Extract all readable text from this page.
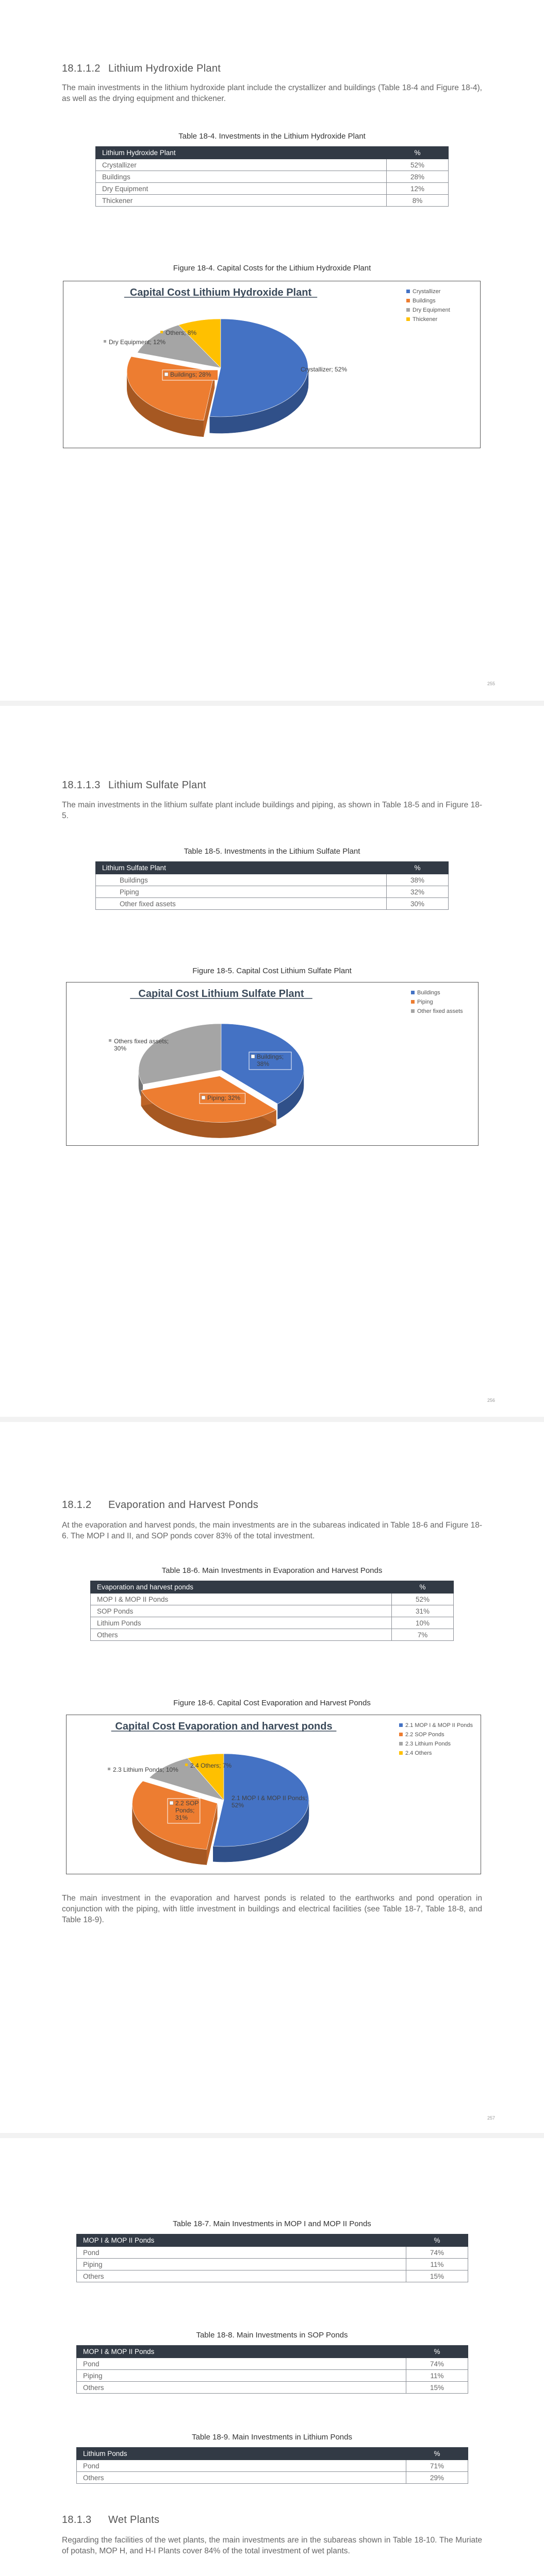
18.1.1.2 Lithium Hydroxide Plant
The main investments in the lithium hydroxide plant include the crystallizer and buildings (Table 18-4 and Figure 18-4), as well as the drying equipment and thickener.
Table 18-4. Investments in the Lithium Hydroxide Plant
Lithium Hydroxide Plant	%
Crystallizer	52%
Buildings	28%
Dry Equipment	12%
Thickener	8%
Figure 18-4. Capital Costs for the Lithium Hydroxide Plant
Capital Cost Lithium Hydroxide Plant
Crystallizer; 52%
Buildings; 28%
Dry Equipment; 12%
Others; 8%
Crystallizer
Buildings
Dry Equipment
Thickener
255
18.1.1.3 Lithium Sulfate Plant
The main investments in the lithium sulfate plant include buildings and piping, as shown in Table 18-5 and in Figure 18-5.
Table 18-5. Investments in the Lithium Sulfate Plant
Lithium Sulfate Plant	%
Buildings	38%
Piping	32%
Other fixed assets	30%
Figure 18-5. Capital Cost Lithium Sulfate Plant
Capital Cost Lithium Sulfate Plant
Buildings;
38%
Piping; 32%
Others fixed assets;
30%
Buildings
Piping
Other fixed assets
256
18.1.2 Evaporation and Harvest Ponds
At the evaporation and harvest ponds, the main investments are in the subareas indicated in Table 18-6 and Figure 18-6. The MOP I and II, and SOP ponds cover 83% of the total investment.
Table 18-6. Main Investments in Evaporation and Harvest Ponds
Evaporation and harvest ponds	%
MOP I & MOP II Ponds	52%
SOP Ponds	31%
Lithium Ponds	10%
Others	7%
Figure 18-6. Capital Cost Evaporation and Harvest Ponds
Capital Cost Evaporation and harvest ponds
2.1 MOP I & MOP II Ponds;
52%
2.2 SOP
Ponds;
31%
2.3 Lithium Ponds; 10%
2.4 Others; 7%
2.1 MOP I & MOP II Ponds
2.2 SOP Ponds
2.3 Lithium Ponds
2.4 Others
The main investment in the evaporation and harvest ponds is related to the earthworks and pond operation in conjunction with the piping, with little investment in buildings and electrical facilities (see Table 18-7, Table 18-8, and Table 18-9).
257
Table 18-7. Main Investments in MOP I and MOP II Ponds
MOP I & MOP II Ponds	%
Pond	74%
Piping	11%
Others	15%
Table 18-8. Main Investments in SOP Ponds
MOP I & MOP II Ponds	%
Pond	74%
Piping	11%
Others	15%
Table 18-9. Main Investments in Lithium Ponds
Lithium Ponds	%
Pond	71%
Others	29%
18.1.3 Wet Plants
Regarding the facilities of the wet plants, the main investments are in the subareas shown in Table 18-10. The Muriate of potash, MOP H, and H-I Plants cover 84% of the total investment of wet plants.
